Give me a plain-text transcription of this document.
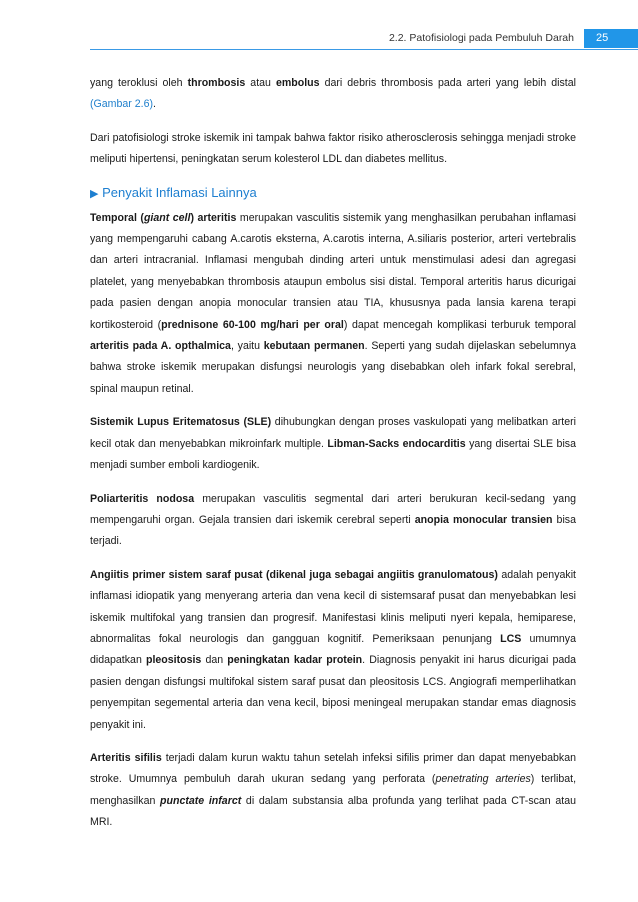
2.2. Patofisiologi pada Pembuluh Darah	25

yang teroklusi oleh thrombosis atau embolus dari debris thrombosis pada arteri yang lebih distal (Gambar 2.6).

Dari patofisiologi stroke iskemik ini tampak bahwa faktor risiko atherosclerosis sehingga menjadi stroke meliputi hipertensi, peningkatan serum kolesterol LDL dan diabetes mellitus.

▶ Penyakit Inflamasi Lainnya

Temporal (giant cell) arteritis merupakan vasculitis sistemik yang menghasilkan perubahan inflamasi yang mempengaruhi cabang A.carotis eksterna, A.carotis interna, A.siliaris posterior, arteri vertebralis dan arteri intracranial. Inflamasi mengubah dinding arteri untuk menstimulasi adesi dan agregasi platelet, yang menyebabkan thrombosis ataupun embolus sisi distal. Temporal arteritis harus dicurigai pada pasien dengan anopia monocular transien atau TIA, khususnya pada lansia karena terapi kortikosteroid (prednisone 60-100 mg/hari per oral) dapat mencegah komplikasi terburuk temporal arteritis pada A. opthalmica, yaitu kebutaan permanen. Seperti yang sudah dijelaskan sebelumnya bahwa stroke iskemik merupakan disfungsi neurologis yang disebabkan oleh infark fokal serebral, spinal maupun retinal.

Sistemik Lupus Eritematosus (SLE) dihubungkan dengan proses vaskulopati yang melibatkan arteri kecil otak dan menyebabkan mikroinfark multiple. Libman-Sacks endocarditis yang disertai SLE bisa menjadi sumber emboli kardiogenik.

Poliarteritis nodosa merupakan vasculitis segmental dari arteri berukuran kecil-sedang yang mempengaruhi organ. Gejala transien dari iskemik cerebral seperti anopia monocular transien bisa terjadi.

Angiitis primer sistem saraf pusat (dikenal juga sebagai angiitis granulomatous) adalah penyakit inflamasi idiopatik yang menyerang arteria dan vena kecil di sistemsaraf pusat dan menyebabkan lesi iskemik multifokal yang transien dan progresif. Manifestasi klinis meliputi nyeri kepala, hemiparese, abnormalitas fokal neurologis dan gangguan kognitif. Pemeriksaan penunjang LCS umumnya didapatkan pleositosis dan peningkatan kadar protein. Diagnosis penyakit ini harus dicurigai pada pasien dengan disfungsi multifokal sistem saraf pusat dan pleositosis LCS. Angiografi memperlihatkan penyempitan segemental arteria dan vena kecil, biposi meningeal merupakan standar emas diagnosis penyakit ini.

Arteritis sifilis terjadi dalam kurun waktu tahun setelah infeksi sifilis primer dan dapat menyebabkan stroke. Umumnya pembuluh darah ukuran sedang yang perforata (penetrating arteries) terlibat, menghasilkan punctate infarct di dalam substansia alba profunda yang terlihat pada CT-scan atau MRI.
